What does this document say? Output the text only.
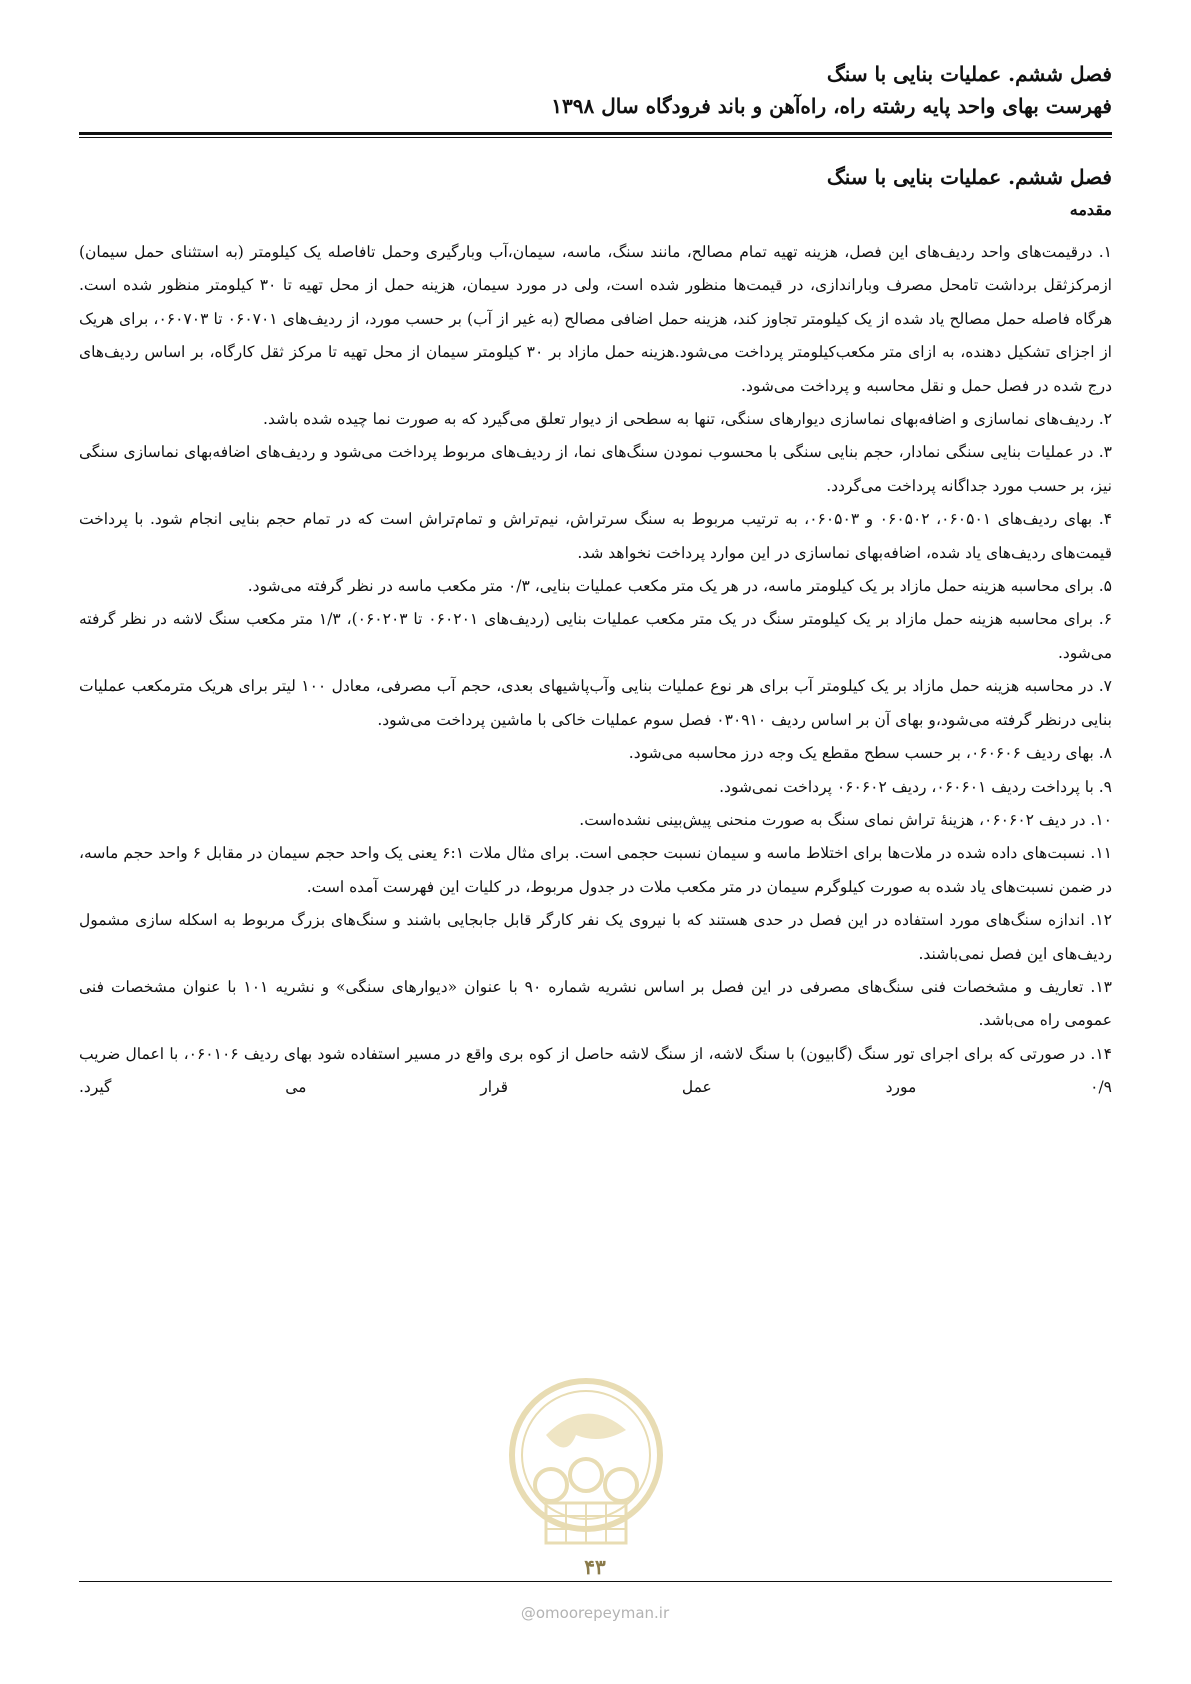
فصل ششم. عملیات بنایی با سنگ
فهرست بهای واحد پایه رشته راه، راه‌آهن و باند فرودگاه سال ۱۳۹۸
فصل ششم. عملیات بنایی با سنگ
مقدمه

۱. درقیمت‌های واحد ردیف‌های این فصل، هزینه تهیه تمام مصالح، مانند سنگ، ماسه، سیمان،آب وبارگیری وحمل تافاصله یک کیلومتر (به استثنای حمل سیمان) ازمرکزثقل برداشت تامحل مصرف وباراندازی، در قیمت‌ها منظور شده است، ولی در مورد سیمان، هزینه حمل از محل تهیه تا ۳۰ کیلومتر منظور شده است. هرگاه فاصله حمل مصالح یاد شده از یک کیلومتر تجاوز کند، هزینه حمل اضافی مصالح (به غیر از آب) بر حسب مورد، از ردیف‌های ۰۶۰۷۰۱ تا ۰۶۰۷۰۳، برای هریک از اجزای تشکیل دهنده، به ازای متر مکعب‌کیلومتر پرداخت می‌شود.هزینه حمل مازاد بر ۳۰ کیلومتر سیمان از محل تهیه تا مرکز ثقل کارگاه، بر اساس ردیف‌های درج شده در فصل حمل و نقل محاسبه و پرداخت می‌شود.

۲. ردیف‌های نماسازی و اضافه‌بهای نماسازی دیوارهای سنگی، تنها به سطحی از دیوار تعلق می‌گیرد که به صورت نما چیده شده باشد.

۳. در عملیات بنایی سنگی نمادار، حجم بنایی سنگی با محسوب نمودن سنگ‌های نما، از ردیف‌های مربوط پرداخت می‌شود و ردیف‌های اضافه‌بهای نماسازی سنگی نیز، بر حسب مورد جداگانه پرداخت می‌گردد.

۴. بهای ردیف‌های ۰۶۰۵۰۱، ۰۶۰۵۰۲ و ۰۶۰۵۰۳، به ترتیب مربوط به سنگ سرتراش، نیم‌تراش و تمام‌تراش است که در تمام حجم بنایی انجام شود. با پرداخت قیمت‌های ردیف‌های یاد شده، اضافه‌بهای نماسازی در این موارد پرداخت نخواهد شد.

۵. برای محاسبه هزینه حمل مازاد بر یک کیلومتر ماسه، در هر یک متر مکعب عملیات بنایی، ۰/۳ متر مکعب ماسه در نظر گرفته می‌شود.

۶. برای محاسبه هزینه حمل مازاد بر یک کیلومتر سنگ در یک متر مکعب عملیات بنایی (ردیف‌های ۰۶۰۲۰۱ تا ۰۶۰۲۰۳)، ۱/۳ متر مکعب سنگ لاشه در نظر گرفته می‌شود.

۷. در محاسبه هزینه حمل مازاد بر یک کیلومتر آب برای هر نوع عملیات بنایی وآب‌پاشیهای بعدی، حجم آب مصرفی، معادل ۱۰۰ لیتر برای هریک مترمکعب عملیات بنایی درنظر گرفته می‌شود،و بهای آن بر اساس ردیف ۰۳۰۹۱۰ فصل سوم عملیات خاکی با ماشین پرداخت می‌شود.

۸. بهای ردیف ۰۶۰۶۰۶، بر حسب سطح مقطع یک وجه درز محاسبه می‌شود.

۹. با پرداخت ردیف ۰۶۰۶۰۱، ردیف ۰۶۰۶۰۲ پرداخت نمی‌شود.

۱۰. در دیف ۰۶۰۶۰۲، هزینهٔ تراش نمای سنگ به صورت منحنی پیش‌بینی نشده‌است.

۱۱. نسبت‌های داده شده در ملات‌ها برای اختلاط ماسه و سیمان نسبت حجمی است. برای مثال ملات ۶:۱ یعنی یک واحد حجم سیمان در مقابل ۶ واحد حجم ماسه، در ضمن نسبت‌های یاد شده به صورت کیلوگرم سیمان در متر مکعب ملات در جدول مربوط، در کلیات این فهرست آمده است.

۱۲. اندازه سنگ‌های مورد استفاده در این فصل در حدی هستند که با نیروی یک نفر کارگر قابل جابجایی باشند و سنگ‌های بزرگ مربوط به اسکله سازی مشمول ردیف‌های این فصل نمی‌باشند.

۱۳. تعاریف و مشخصات فنی سنگ‌های مصرفی در این فصل بر اساس نشریه شماره ۹۰ با عنوان «دیوارهای سنگی» و نشریه ۱۰۱ با عنوان مشخصات فنی عمومی راه می‌باشد.

۱۴. در صورتی که برای اجرای تور سنگ (گابیون) با سنگ لاشه، از سنگ لاشه حاصل از کوه بری واقع در مسیر استفاده شود بهای ردیف ۰۶۰۱۰۶، با اعمال ضریب ۰/۹ مورد عمل قرار می گیرد.

۴۳
@omoorepeyman.ir
